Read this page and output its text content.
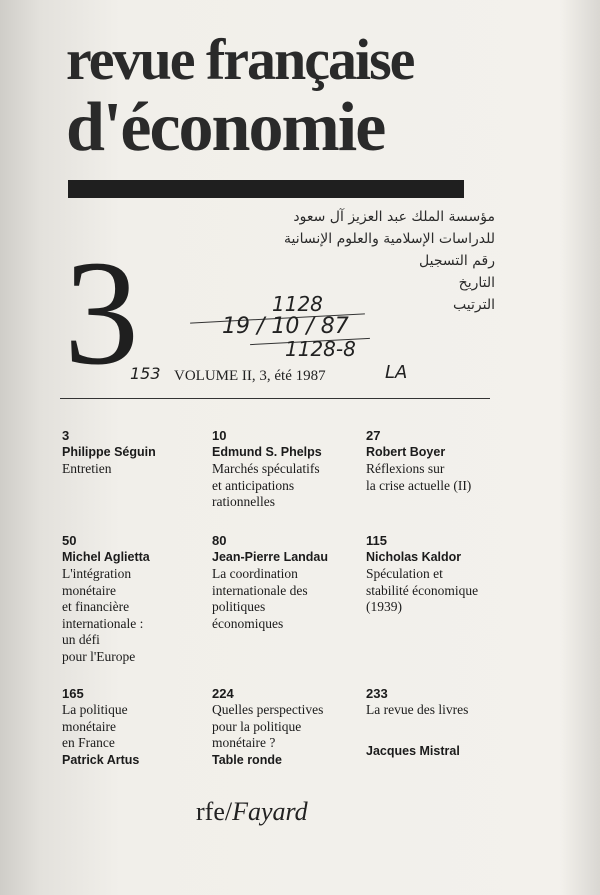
revue française
d'économie
3
مؤسسة الملك عبد العزيز آل سعود
للدراسات الإسلامية والعلوم الإنسانية
رقم التسجيل
التاريخ
الترتيب
1128
19 / 10 / 87
1128-8
153	LA
VOLUME II, 3, été 1987
3
Philippe Séguin
Entretien
10
Edmund S. Phelps
Marchés spéculatifs
et anticipations
rationnelles
27
Robert Boyer
Réflexions sur
la crise actuelle (II)
50
Michel Aglietta
L'intégration
monétaire
et financière
internationale :
un défi
pour l'Europe
80
Jean-Pierre Landau
La coordination
internationale des
politiques
économiques
115
Nicholas Kaldor
Spéculation et
stabilité économique
(1939)
165
La politique
monétaire
en France
Patrick Artus
224
Quelles perspectives
pour la politique
monétaire ?
Table ronde
233
La revue des livres
Jacques Mistral
rfe/Fayard
